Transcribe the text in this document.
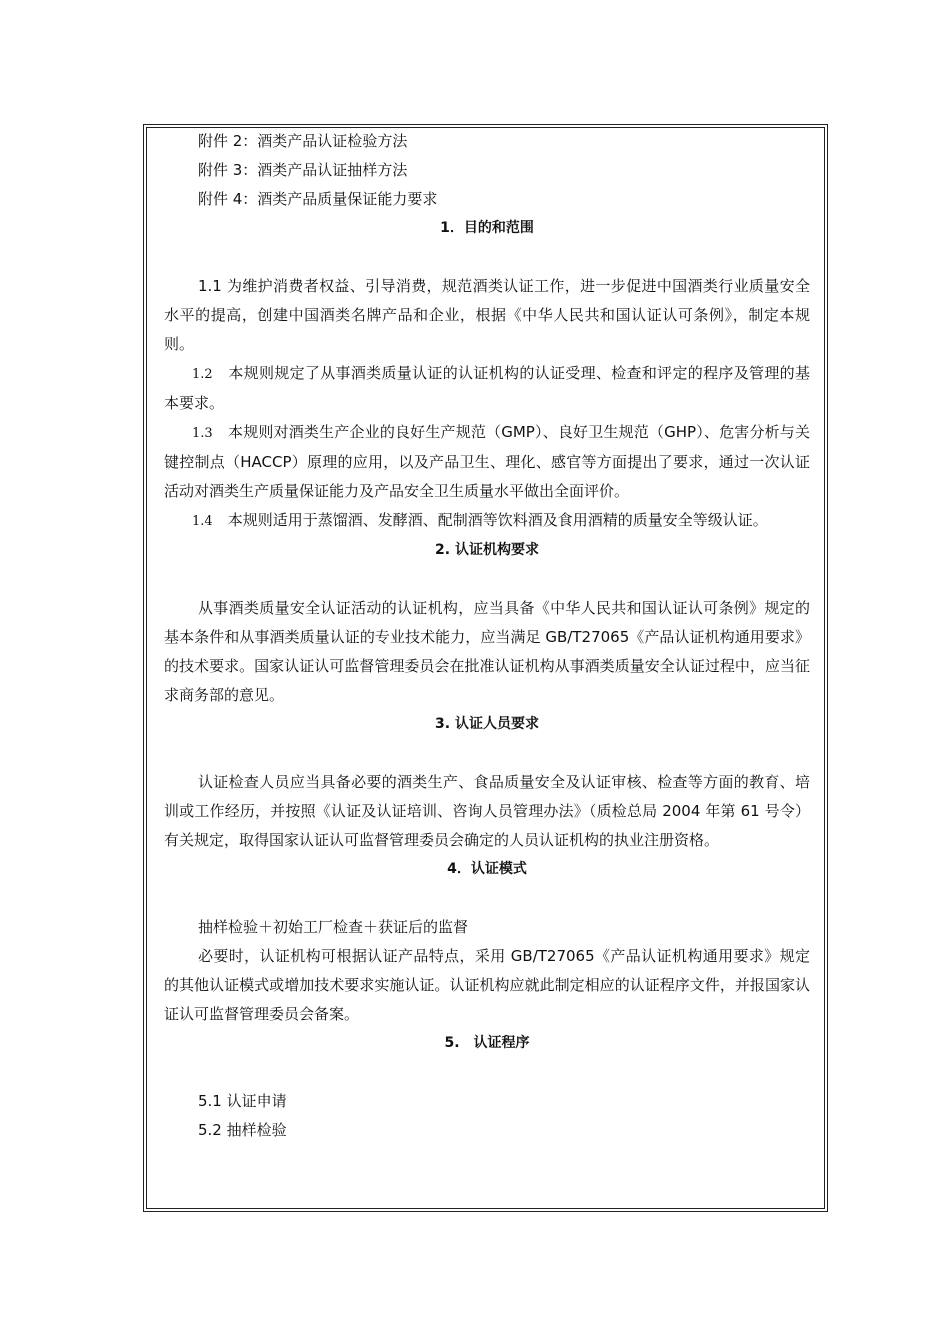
附件 2：酒类产品认证检验方法
附件 3：酒类产品认证抽样方法
附件 4：酒类产品质量保证能力要求
1．目的和范围

1.1 为维护消费者权益、引导消费，规范酒类认证工作，进一步促进中国酒类行业质量安全水平的提高，创建中国酒类名牌产品和企业，根据《中华人民共和国认证认可条例》，制定本规则。

1.2　 本规则规定了从事酒类质量认证的认证机构的认证受理、检查和评定的程序及管理的基本要求。

1.3　 本规则对酒类生产企业的良好生产规范（GMP）、良好卫生规范（GHP）、危害分析与关键控制点（HACCP）原理的应用，以及产品卫生、理化、感官等方面提出了要求，通过一次认证活动对酒类生产质量保证能力及产品安全卫生质量水平做出全面评价。

1.4　 本规则适用于蒸馏酒、发酵酒、配制酒等饮料酒及食用酒精的质量安全等级认证。

2. 认证机构要求

从事酒类质量安全认证活动的认证机构，应当具备《中华人民共和国认证认可条例》规定的基本条件和从事酒类质量认证的专业技术能力，应当满足 GB/T27065《产品认证机构通用要求》的技术要求。国家认证认可监督管理委员会在批准认证机构从事酒类质量安全认证过程中，应当征求商务部的意见。

3. 认证人员要求

认证检查人员应当具备必要的酒类生产、食品质量安全及认证审核、检查等方面的教育、培训或工作经历，并按照《认证及认证培训、咨询人员管理办法》（质检总局 2004 年第 61 号令）有关规定，取得国家认证认可监督管理委员会确定的人员认证机构的执业注册资格。

4．认证模式
抽样检验＋初始工厂检查＋获证后的监督

必要时，认证机构可根据认证产品特点，采用 GB/T27065《产品认证机构通用要求》规定的其他认证模式或增加技术要求实施认证。认证机构应就此制定相应的认证程序文件，并报国家认证认可监督管理委员会备案。

5.　认证程序
5.1 认证申请
5.2 抽样检验
